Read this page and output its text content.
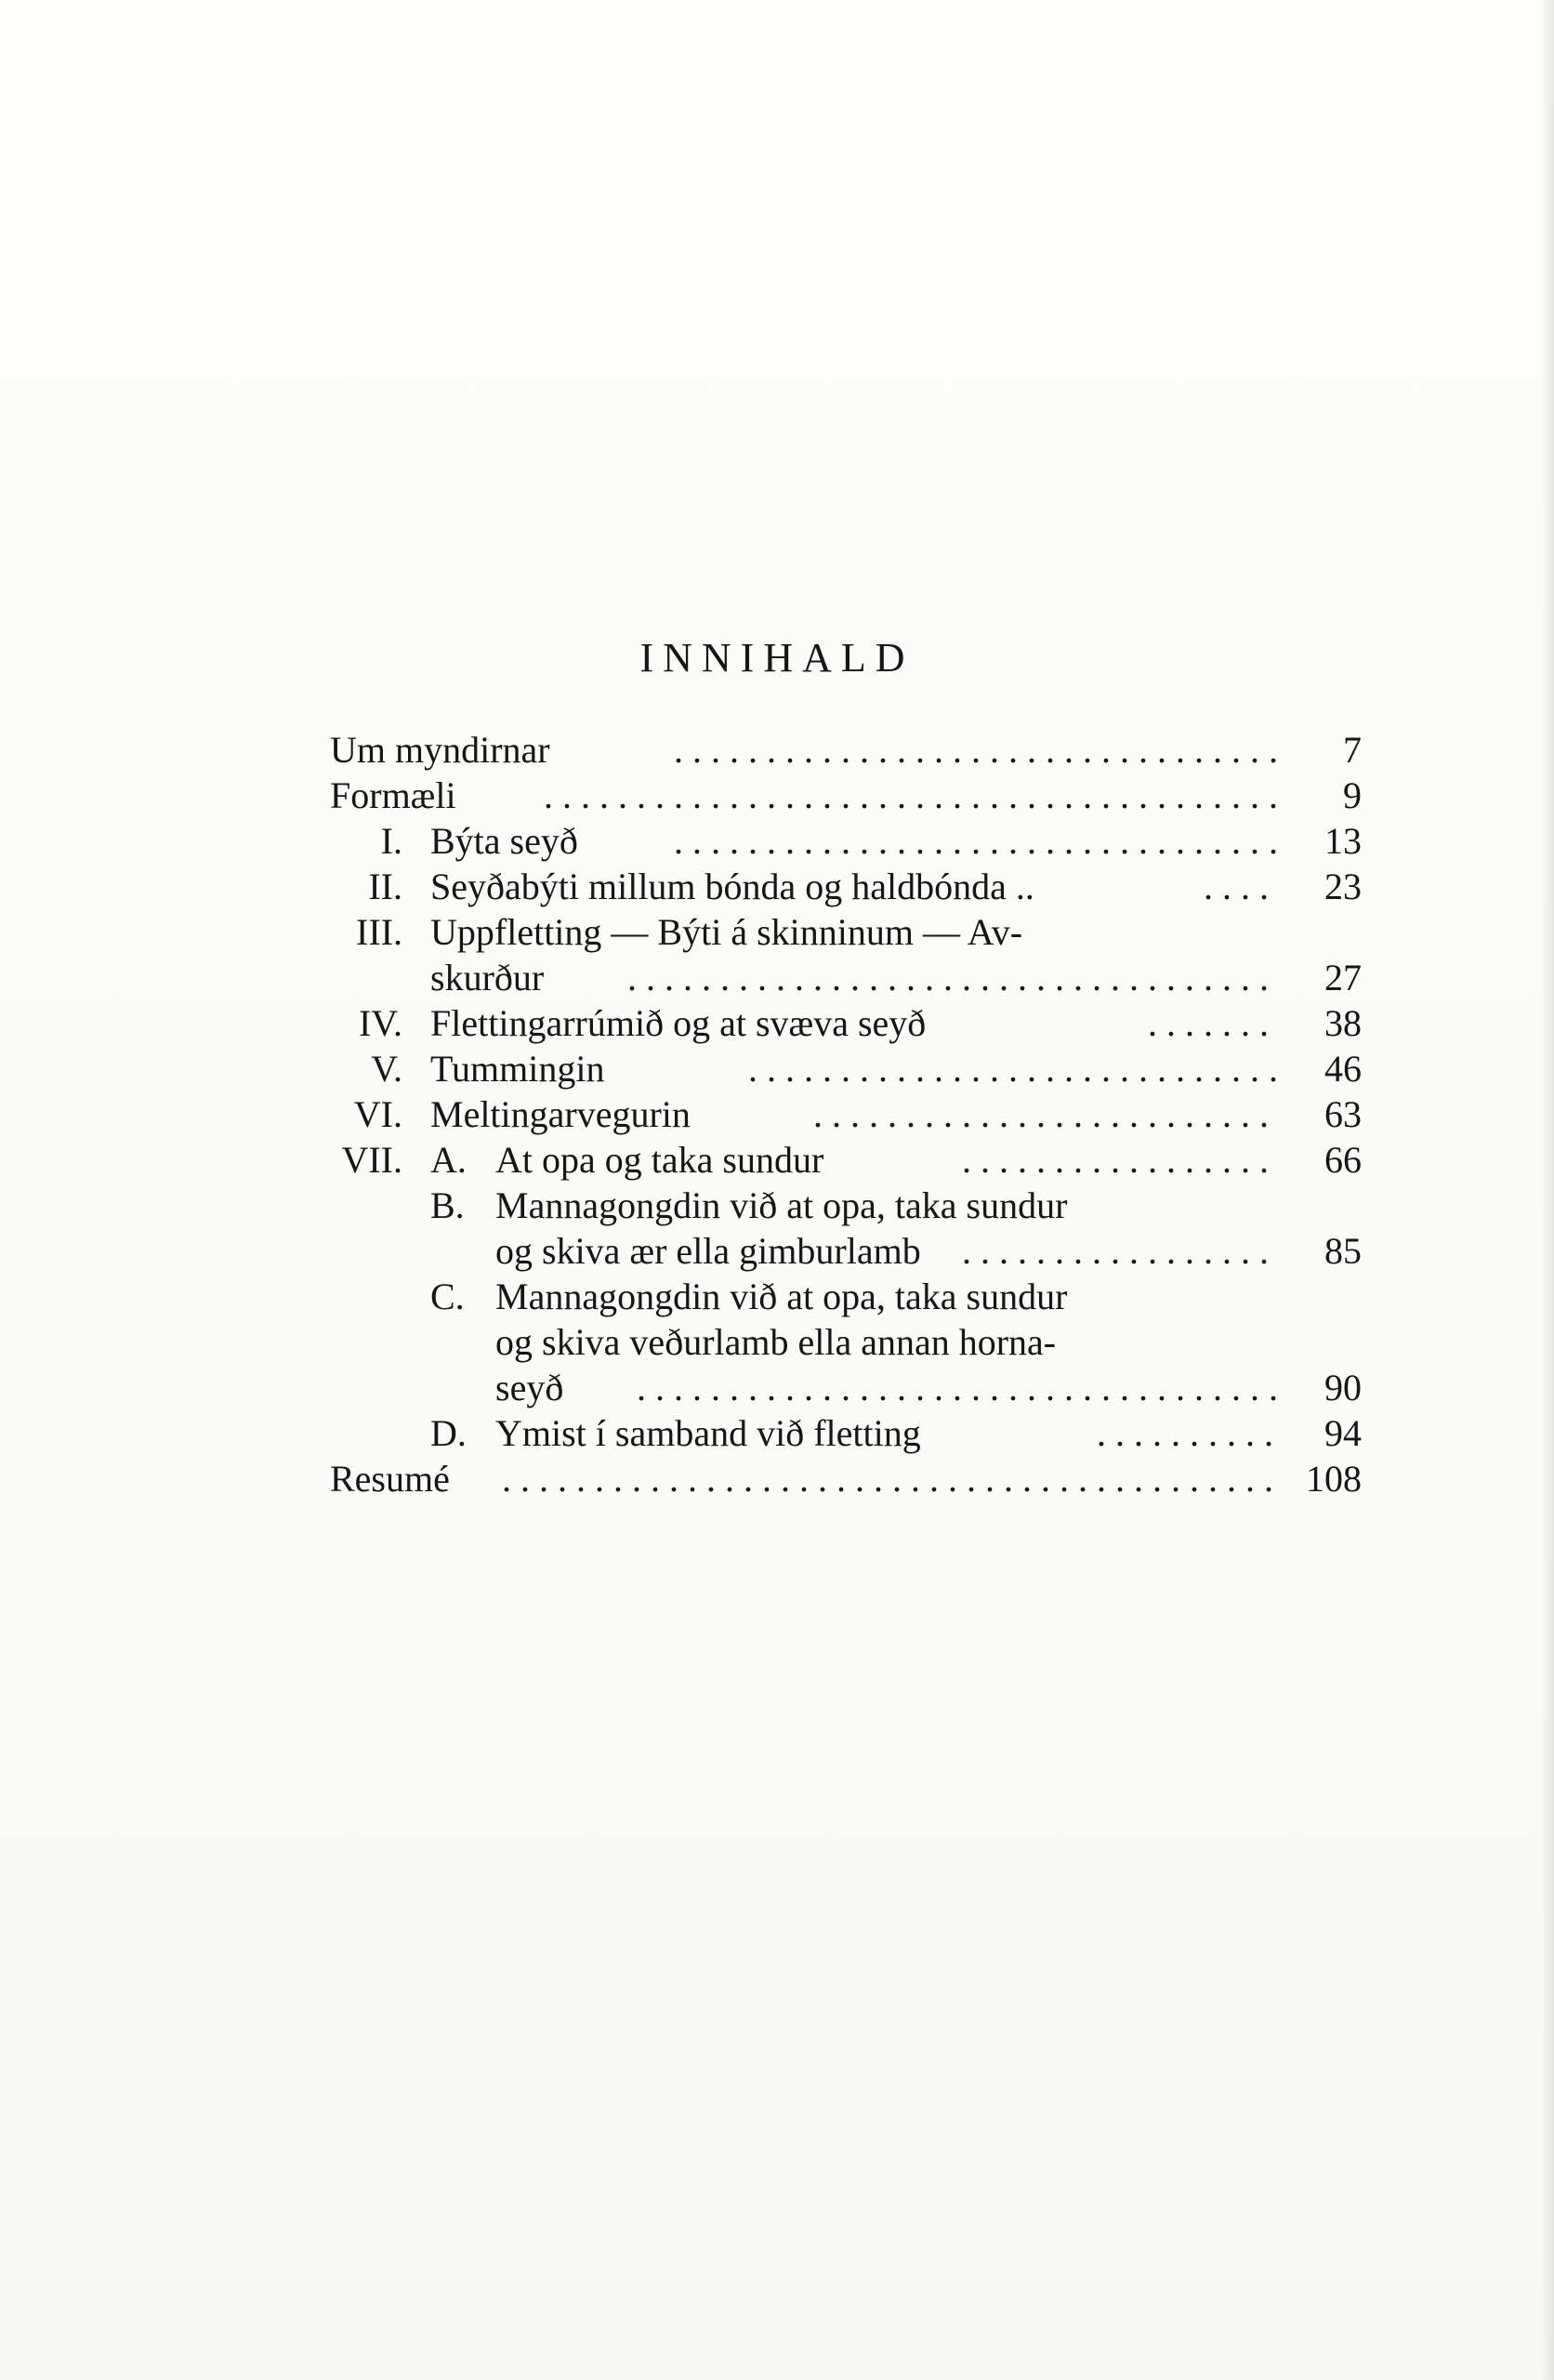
INNIHALD
Um myndirnar . . .	7
Formæli . . .	9
I. Býta seyð . . .	13
II. Seyðabýti millum bónda og haldbónda .. . . .	23
III. Uppfletting — Býti á skinninum — Av-
skurður . . .	27
IV. Flettingarrúmið og at svæva seyð . . .	38
V. Tummingin . . .	46
VI. Meltingarvegurin . . .	63
VII. A. At opa og taka sundur . . .	66
B. Mannagongdin við at opa, taka sundur
og skiva ær ella gimburlamb . . .	85
C. Mannagongdin við at opa, taka sundur
og skiva veðurlamb ella annan horna-
seyð . . .	90
D. Ymist í samband við fletting . . .	94
Resumé . . .	108
